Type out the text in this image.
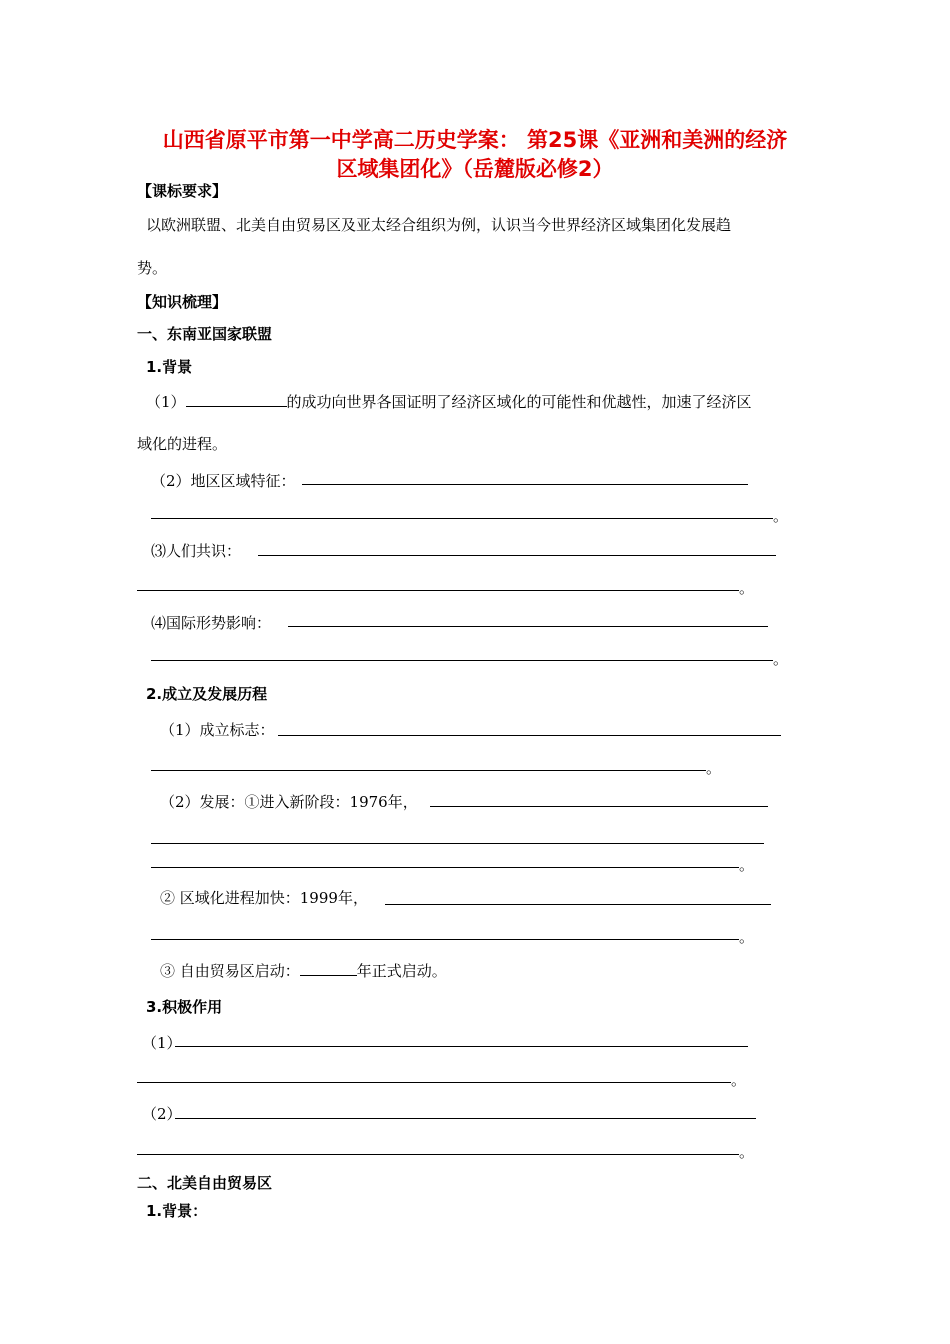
山西省原平市第一中学高二历史学案： 第25课《亚洲和美洲的经济
区域集团化》（岳麓版必修2）
【课标要求】
以欧洲联盟、北美自由贸易区及亚太经合组织为例，认识当今世界经济区域集团化发展趋
势。
【知识梳理】
一、东南亚国家联盟
1.背景
（1）	的成功向世界各国证明了经济区域化的可能性和优越性，加速了经济区
域化的进程。
（2）地区区域特征：
。
⑶人们共识：
。
⑷国际形势影响：
。
2.成立及发展历程
（1）成立标志：
。
（2）发展：①进入新阶段：1976年，
。
② 区域化进程加快：1999年，
。
③ 自由贸易区启动：	年正式启动。
3.积极作用
（1）
。
（2）
。
二、北美自由贸易区
1.背景：
